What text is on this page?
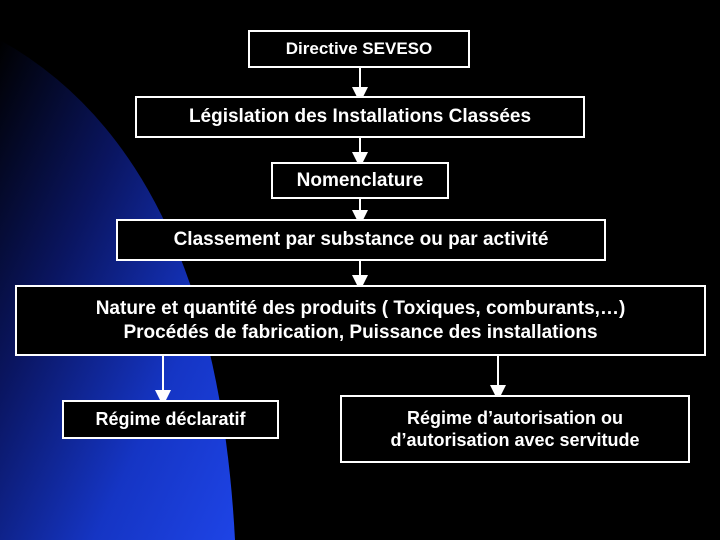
Directive SEVESO
Législation des Installations Classées
Nomenclature
Classement par substance ou par activité
Nature et quantité des produits ( Toxiques, comburants,…)
Procédés de fabrication, Puissance des installations
Régime déclaratif	Régime d’autorisation ou
d’autorisation avec servitude
